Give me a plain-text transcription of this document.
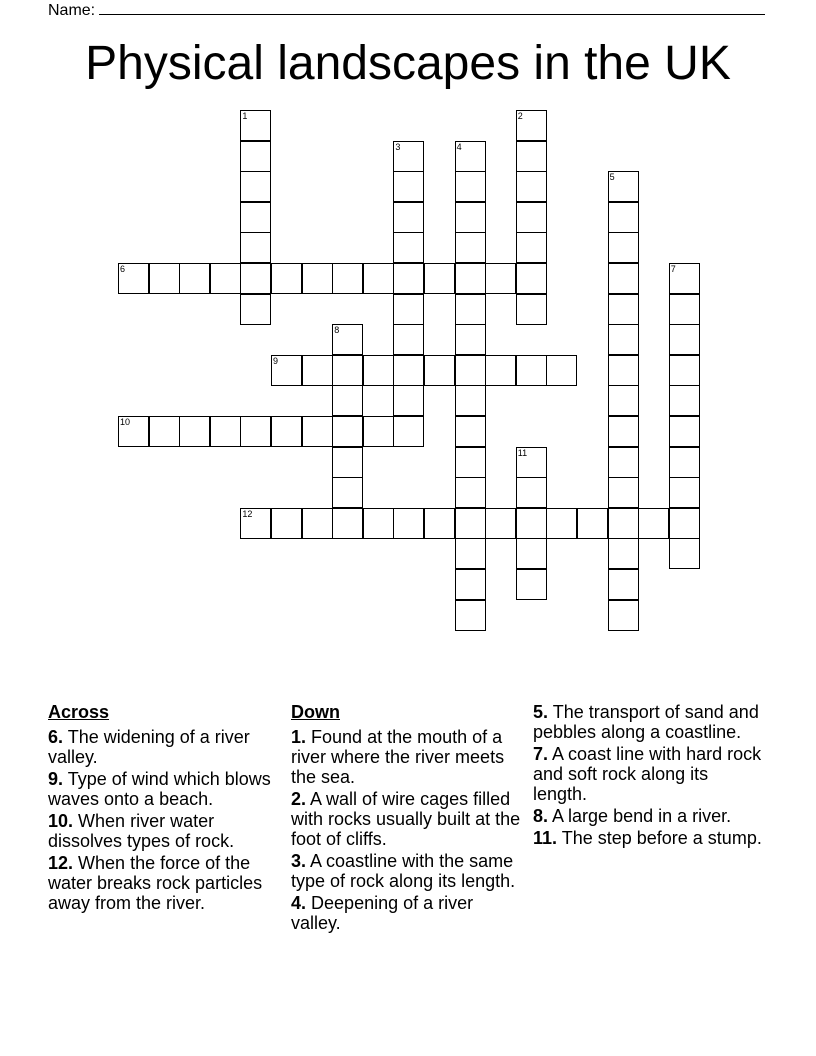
Name:
Physical landscapes in the UK
1	2
3	4
5
6	7
8
9
10
11
12
Across
6. The widening of a river valley.
9. Type of wind which blows waves onto a beach.
10. When river water dissolves types of rock.
12. When the force of the water breaks rock particles away from the river.
Down
1. Found at the mouth of a river where the river meets the sea.
2. A wall of wire cages filled with rocks usually built at the foot of cliffs.
3. A coastline with the same type of rock along its length.
4. Deepening of a river valley.
5. The transport of sand and pebbles along a coastline.
7. A coast line with hard rock and soft rock along its length.
8. A large bend in a river.
11. The step before a stump.
